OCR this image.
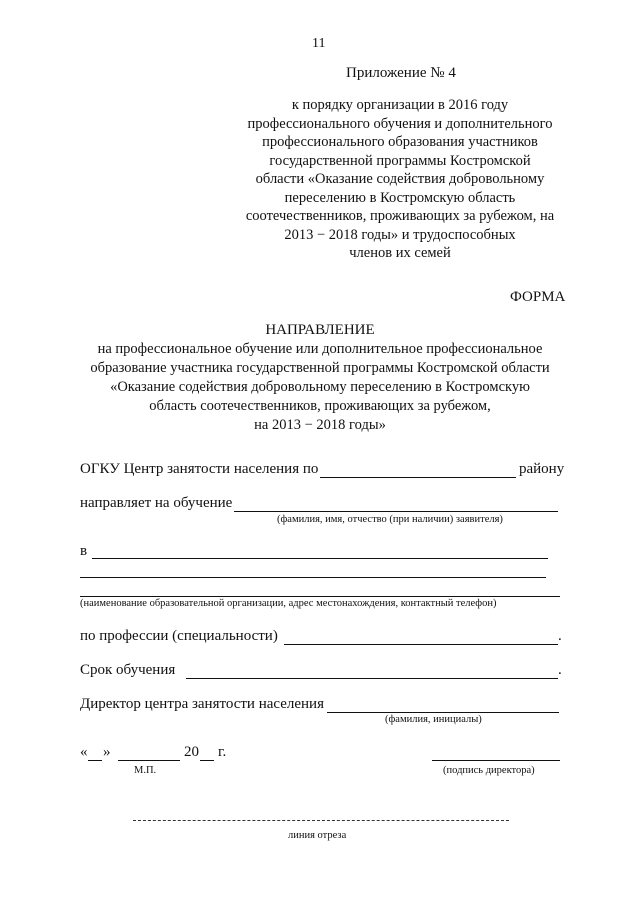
11
Приложение № 4
к порядку организации в 2016 году
профессионального обучения и дополнительного
профессионального образования участников
государственной программы Костромской
области «Оказание содействия добровольному
переселению в Костромскую область
соотечественников, проживающих за рубежом, на
2013 − 2018 годы» и трудоспособных
членов их семей
ФОРМА
НАПРАВЛЕНИЕ
на профессиональное обучение или дополнительное профессиональное
образование участника государственной программы Костромской области
«Оказание содействия добровольному переселению в Костромскую
область соотечественников, проживающих за рубежом,
на 2013 − 2018 годы»
ОГКУ Центр занятости населения по	району
направляет на обучение
(фамилия, имя, отчество (при наличии) заявителя)
в
(наименование образовательной организации, адрес местонахождения, контактный телефон)
по профессии (специальности)	.
Срок обучения	.
Директор центра занятости населения
(фамилия, инициалы)
« »	20 г.
М.П.	(подпись директора)
линия отреза
